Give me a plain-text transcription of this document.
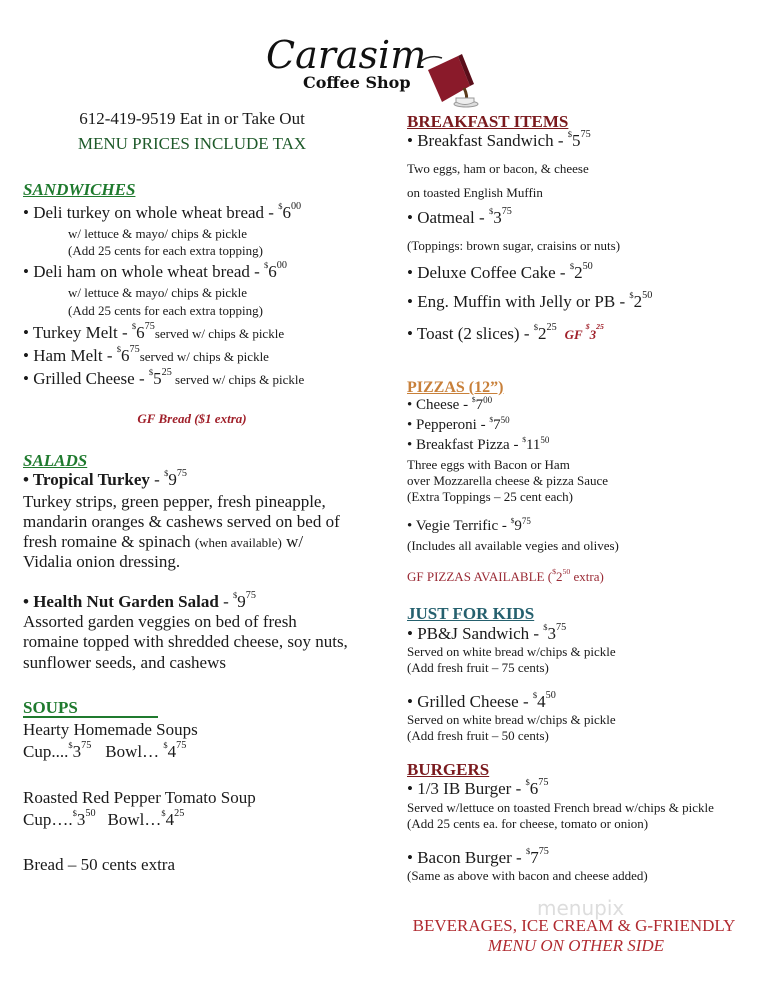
Carasim
Coffee Shop
612-419-9519 Eat in or Take Out
MENU PRICES INCLUDE TAX
SANDWICHES
• Deli turkey on whole wheat bread - $^{\$}6^{00}$
w/ lettuce & mayo/ chips & pickle
(Add 25 cents for each extra topping)
• Deli ham on whole wheat bread - $^{\$}6^{00}$
w/ lettuce & mayo/ chips & pickle
(Add 25 cents for each extra topping)
• Turkey Melt - $^{\$}6^{75}served$ w/ chips & pickle
• Ham Melt - $^{\$}6^{75}served$ w/ chips & pickle
• Grilled Cheese - $^{\$}5^{25}$ served w/ chips & pickle
GF Bread ($1 extra)
SALADS
• Tropical Turkey - $^{\$}9^{75}$
Turkey strips, green pepper, fresh pineapple,
mandarin oranges & cashews served on bed of
fresh romaine & spinach (when available) w/
Vidalia onion dressing.
• Health Nut Garden Salad - $^{\$}9^{75}$
Assorted garden veggies on bed of fresh
romaine topped with shredded cheese, soy nuts,
sunflower seeds, and cashews
SOUPS
Hearty Homemade Soups
$Cup....^{\$}3^{75}$ Bowl… $^{\$}4^{75}$
Roasted Red Pepper Tomato Soup
$Cup\dots.^{\$}3^{50}$ $Bowl\dots^{\$}4^{25}$
Bread – 50 cents extra
BREAKFAST ITEMS
• Breakfast Sandwich - $^{\$}5^{75}$
Two eggs, ham or bacon, & cheese
on toasted English Muffin
• Oatmeal - $^{\$}3^{75}$
(Toppings: brown sugar, craisins or nuts)
• Deluxe Coffee Cake - $^{\$}2^{50}$
• Eng. Muffin with Jelly or PB - $^{\$}2^{50}$
• Toast (2 slices) - $^{\$}2^{25}$ GF $^{\$}3^{25}$
PIZZAS (12”)
• Cheese - $^{\$}7^{00}$
• Pepperoni - $^{\$}7^{50}$
• Breakfast Pizza - $^{\$}11^{50}$
Three eggs with Bacon or Ham
over Mozzarella cheese & pizza Sauce
(Extra Toppings – 25 cent each)
• Vegie Terrific - $^{\$}9^{75}$
(Includes all available vegies and olives)
GF PIZZAS AVAILABLE ($^{\$}2^{50}$ extra)
JUST FOR KIDS
• PB&J Sandwich - $^{\$}3^{75}$
Served on white bread w/chips & pickle
(Add fresh fruit – 75 cents)
• Grilled Cheese - $^{\$}4^{50}$
Served on white bread w/chips & pickle
(Add fresh fruit – 50 cents)
BURGERS
• 1/3 IB Burger - $^{\$}6^{75}$
Served w/lettuce on toasted French bread w/chips & pickle
(Add 25 cents ea. for cheese, tomato or onion)
• Bacon Burger - $^{\$}7^{75}$
(Same as above with bacon and cheese added)
menupix
BEVERAGES, ICE CREAM & G-FRIENDLY
MENU ON OTHER SIDE
